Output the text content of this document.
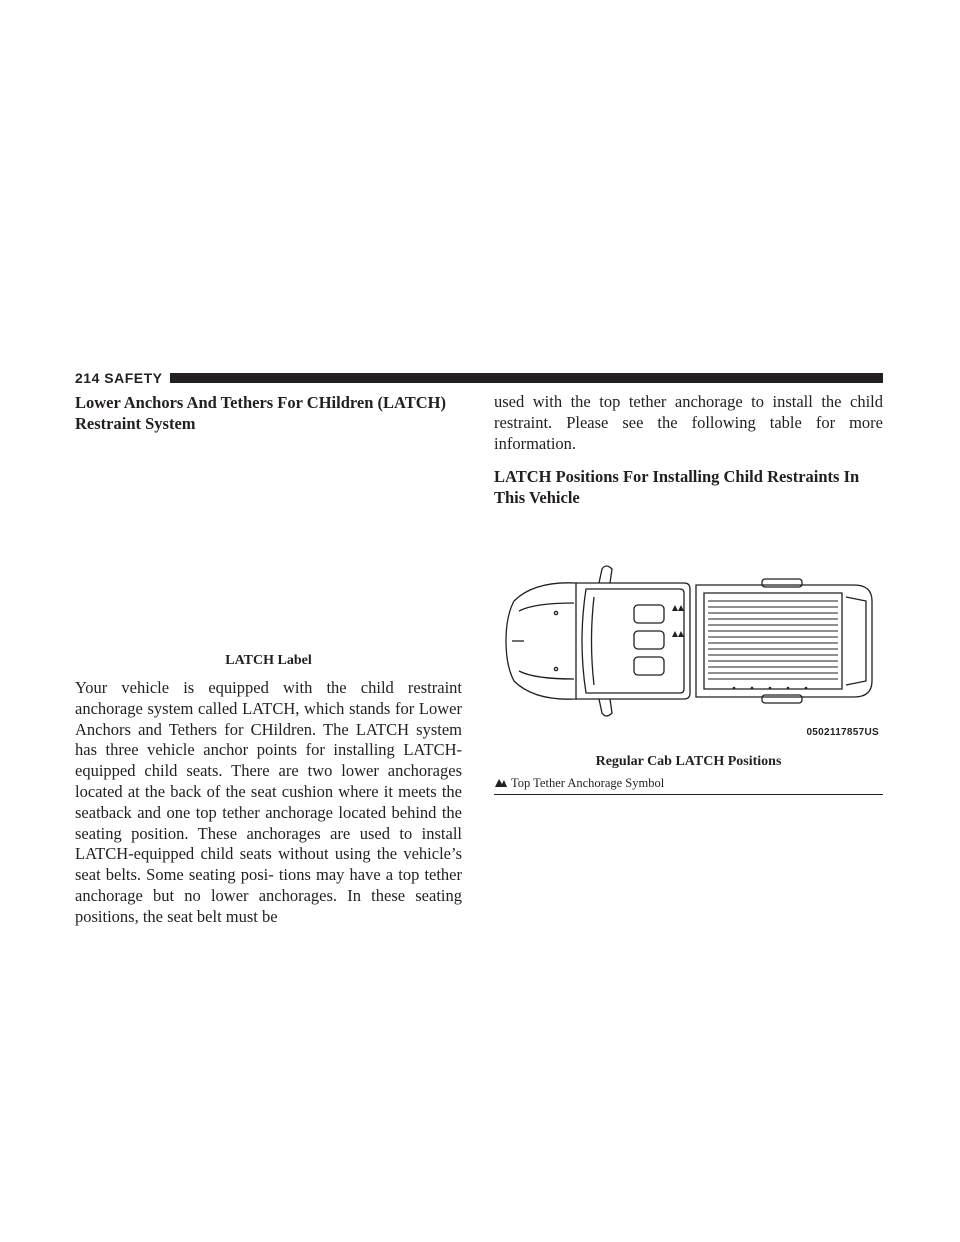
214 SAFETY
Lower Anchors And Tethers For CHildren (LATCH) Restraint System
LATCH Label

Your vehicle is equipped with the child restraint anchorage system called LATCH, which stands for Lower Anchors and Tethers for CHildren. The LATCH system has three vehicle anchor points for installing LATCH-equipped child seats. There are two lower anchorages located at the back of the seat cushion where it meets the seatback and one top tether anchorage located behind the seating position. These anchorages are used to install LATCH-equipped child seats without using the vehicle’s seat belts. Some seating posi- tions may have a top tether anchorage but no lower anchorages. In these seating positions, the seat belt must be

used with the top tether anchorage to install the child restraint. Please see the following table for more information.

LATCH Positions For Installing Child Restraints In This Vehicle
0502117857US
Regular Cab LATCH Positions
Top Tether Anchorage Symbol
